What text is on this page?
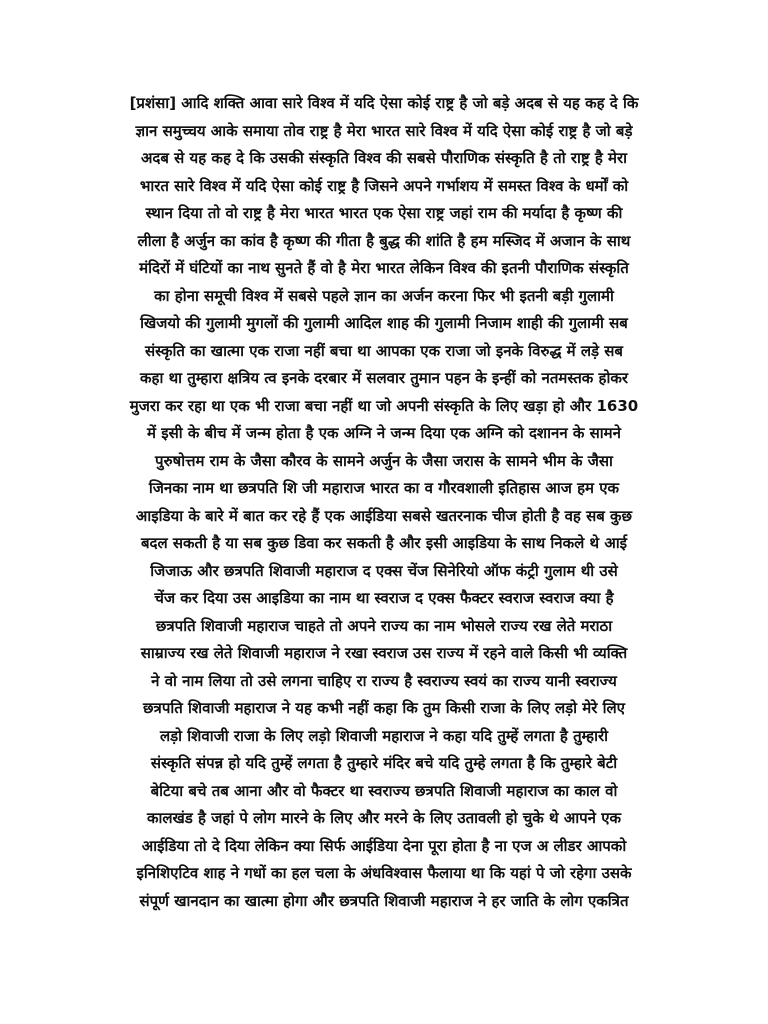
[प्रशंसा] आदि शक्ति आवा सारे विश्व में यदि ऐसा कोई राष्ट्र है जो बड़े अदब से यह कह दे कि
ज्ञान समुच्चय आके समाया तोव राष्ट्र है मेरा भारत सारे विश्व में यदि ऐसा कोई राष्ट्र है जो बड़े
अदब से यह कह दे कि उसकी संस्कृति विश्व की सबसे पौराणिक संस्कृति है तो राष्ट्र है मेरा
भारत सारे विश्व में यदि ऐसा कोई राष्ट्र है जिसने अपने गर्भाशय में समस्त विश्व के धर्मों को
स्थान दिया तो वो राष्ट्र है मेरा भारत भारत एक ऐसा राष्ट्र जहां राम की मर्यादा है कृष्ण की
लीला है अर्जुन का कांव है कृष्ण की गीता है बुद्ध की शांति है हम मस्जिद में अजान के साथ
मंदिरों में घंटियों का नाथ सुनते हैं वो है मेरा भारत लेकिन विश्व की इतनी पौराणिक संस्कृति
का होना समूची विश्व में सबसे पहले ज्ञान का अर्जन करना फिर भी इतनी बड़ी गुलामी
खिजयो की गुलामी मुगलों की गुलामी आदिल शाह की गुलामी निजाम शाही की गुलामी सब
संस्कृति का खात्मा एक राजा नहीं बचा था आपका एक राजा जो इनके विरुद्ध में लड़े सब
कहा था तुम्हारा क्षत्रिय त्व इनके दरबार में सलवार तुमान पहन के इन्हीं को नतमस्तक होकर
मुजरा कर रहा था एक भी राजा बचा नहीं था जो अपनी संस्कृति के लिए खड़ा हो और 1630
में इसी के बीच में जन्म होता है एक अग्नि ने जन्म दिया एक अग्नि को दशानन के सामने
पुरुषोत्तम राम के जैसा कौरव के सामने अर्जुन के जैसा जरास के सामने भीम के जैसा
जिनका नाम था छत्रपति शि जी महाराज भारत का व गौरवशाली इतिहास आज हम एक
आइडिया के बारे में बात कर रहे हैं एक आईडिया सबसे खतरनाक चीज होती है वह सब कुछ
बदल सकती है या सब कुछ डिवा कर सकती है और इसी आइडिया के साथ निकले थे आई
जिजाऊ और छत्रपति शिवाजी महाराज द एक्स चेंज सिनेरियो ऑफ कंट्री गुलाम थी उसे
चेंज कर दिया उस आइडिया का नाम था स्वराज द एक्स फैक्टर स्वराज स्वराज क्या है
छत्रपति शिवाजी महाराज चाहते तो अपने राज्य का नाम भोसले राज्य रख लेते मराठा
साम्राज्य रख लेते शिवाजी महाराज ने रखा स्वराज उस राज्य में रहने वाले किसी भी व्यक्ति
ने वो नाम लिया तो उसे लगना चाहिए रा राज्य है स्वराज्य स्वयं का राज्य यानी स्वराज्य
छत्रपति शिवाजी महाराज ने यह कभी नहीं कहा कि तुम किसी राजा के लिए लड़ो मेरे लिए
लड़ो शिवाजी राजा के लिए लड़ो शिवाजी महाराज ने कहा यदि तुम्हें लगता है तुम्हारी
संस्कृति संपन्न हो यदि तुम्हें लगता है तुम्हारे मंदिर बचे यदि तुम्हे लगता है कि तुम्हारे बेटी
बेटिया बचे तब आना और वो फैक्टर था स्वराज्य छत्रपति शिवाजी महाराज का काल वो
कालखंड है जहां पे लोग मारने के लिए और मरने के लिए उतावली हो चुके थे आपने एक
आईडिया तो दे दिया लेकिन क्या सिर्फ आईडिया देना पूरा होता है ना एज अ लीडर आपको
इनिशिएटिव शाह ने गधों का हल चला के अंधविश्वास फैलाया था कि यहां पे जो रहेगा उसके
संपूर्ण खानदान का खात्मा होगा और छत्रपति शिवाजी महाराज ने हर जाति के लोग एकत्रित
